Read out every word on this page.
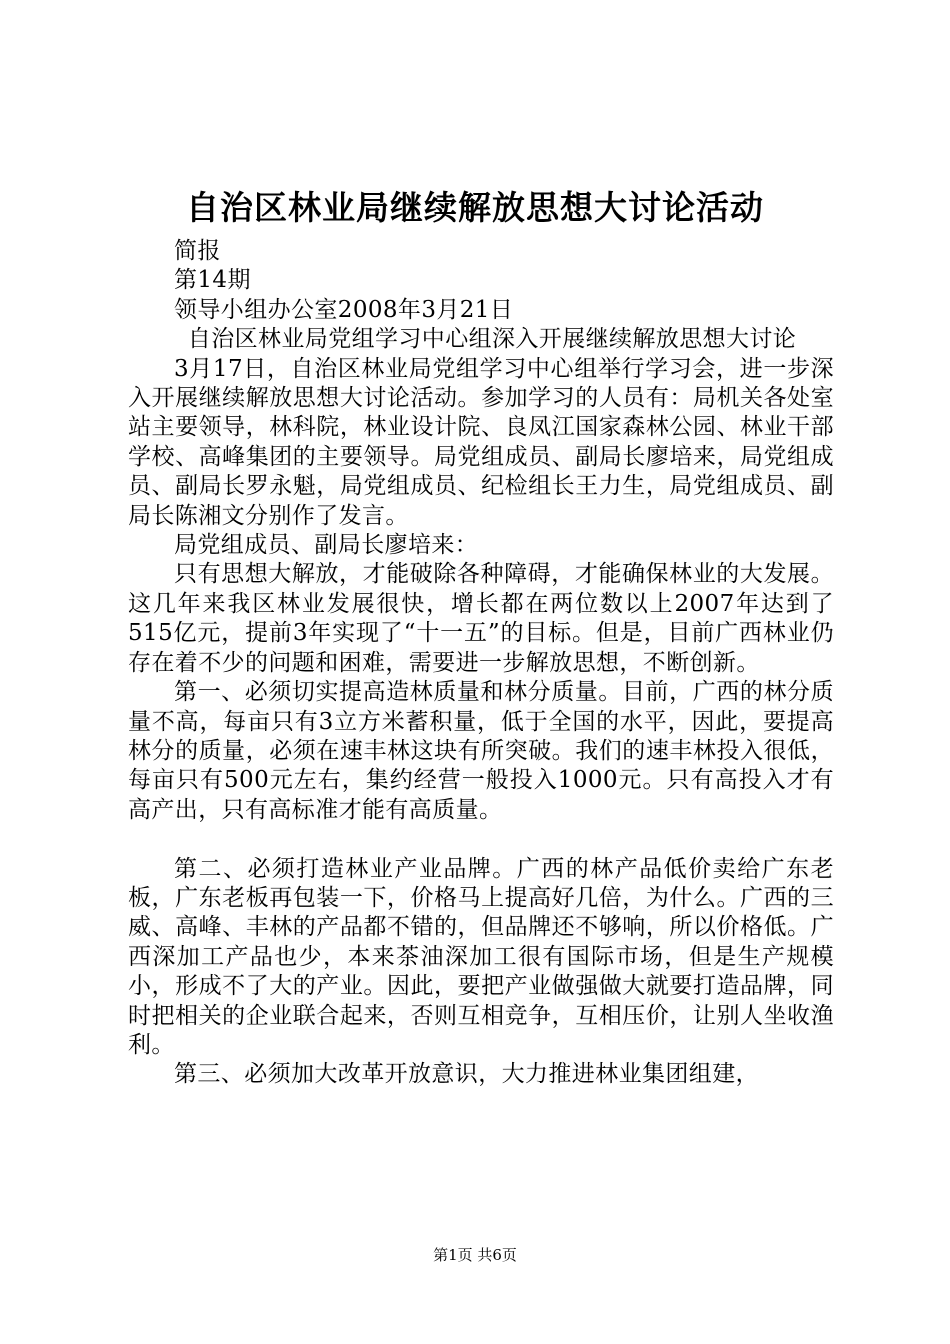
自治区林业局继续解放思想大讨论活动
简报
第14期
领导小组办公室2008年3月21日
自治区林业局党组学习中心组深入开展继续解放思想大讨论
3月17日，自治区林业局党组学习中心组举行学习会，进一步深入开展继续解放思想大讨论活动。参加学习的人员有：局机关各处室站主要领导，林科院，林业设计院、良凤江国家森林公园、林业干部学校、高峰集团的主要领导。局党组成员、副局长廖培来，局党组成员、副局长罗永魁，局党组成员、纪检组长王力生，局党组成员、副局长陈湘文分别作了发言。
局党组成员、副局长廖培来：
只有思想大解放，才能破除各种障碍，才能确保林业的大发展。这几年来我区林业发展很快，增长都在两位数以上2007年达到了515亿元，提前3年实现了“十一五”的目标。但是，目前广西林业仍存在着不少的问题和困难，需要进一步解放思想，不断创新。
第一、必须切实提高造林质量和林分质量。目前，广西的林分质量不高，每亩只有3立方米蓄积量，低于全国的水平，因此，要提高林分的质量，必须在速丰林这块有所突破。我们的速丰林投入很低，每亩只有500元左右，集约经营一般投入1000元。只有高投入才有高产出，只有高标准才能有高质量。
第二、必须打造林业产业品牌。广西的林产品低价卖给广东老板，广东老板再包装一下，价格马上提高好几倍，为什么。广西的三威、高峰、丰林的产品都不错的，但品牌还不够响，所以价格低。广西深加工产品也少，本来茶油深加工很有国际市场，但是生产规模小，形成不了大的产业。因此，要把产业做强做大就要打造品牌，同时把相关的企业联合起来，否则互相竞争，互相压价，让别人坐收渔利。
第三、必须加大改革开放意识，大力推进林业集团组建，
第1页 共6页
